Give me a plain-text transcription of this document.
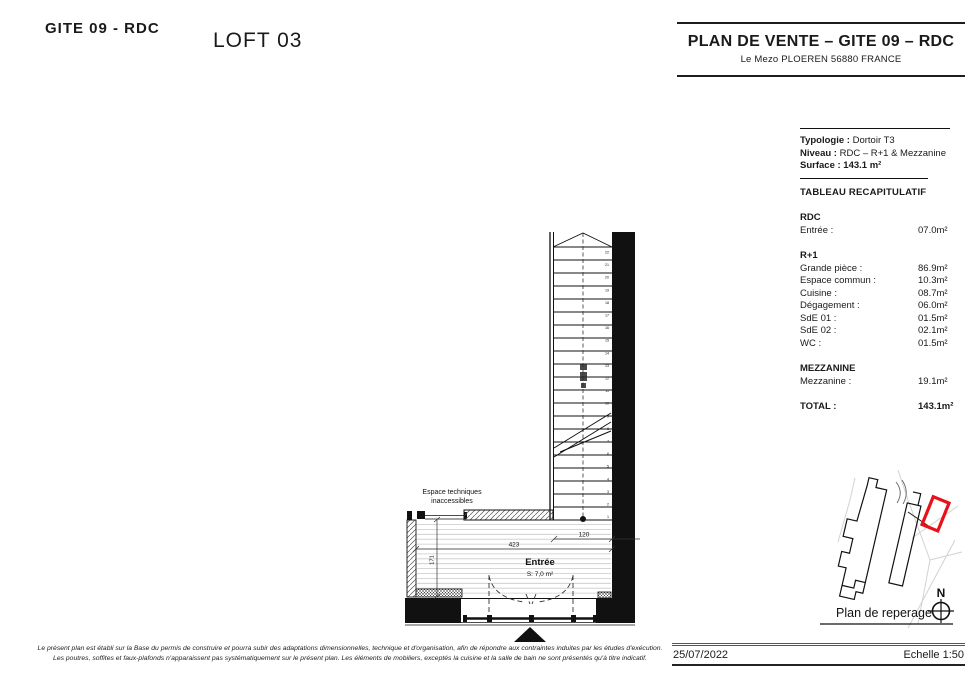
GITE 09 - RDC
LOFT 03	PLAN DE VENTE – GITE 09 – RDC
Le Mezo PLOEREN 56880 FRANCE
Typologie : Dortoir T3
Niveau : RDC – R+1 & Mezzanine
Surface : 143.1 m²
TABLEAU RECAPITULATIF
RDC
Entrée :	07.0m²
R+1
Grande pièce :	86.9m²
Espace commun :	10.3m²
Cuisine :	08.7m²
Dégagement :	06.0m²
SdE 01 :	01.5m²
SdE 02 :	02.1m²
WC :	01.5m²
MEZZANINE
Mezzanine :	19.1m²
TOTAL :	143.1m²
22
21
20
19
18
17
16
15
14
13
12
11
10
9
8
7
6
5
4
3
2
1
423
120
171
Espace techniques
inaccessibles
Entrée
S: 7,0 m²
Plan de reperage
N
Le présent plan est établi sur la Base du permis de construire et pourra subir des adaptations dimensionnelles, technique et d'organisation, afin de répondre aux contraintes induites par les études d'exécution.
Les poutres, soffites et faux-plafonds n'apparaissent pas systématiquement sur le présent plan. Les éléments de mobiliers, exceptés la cuisine et la salle de bain ne sont présentés qu'à titre indicatif.	25/07/2022	Echelle 1:50
